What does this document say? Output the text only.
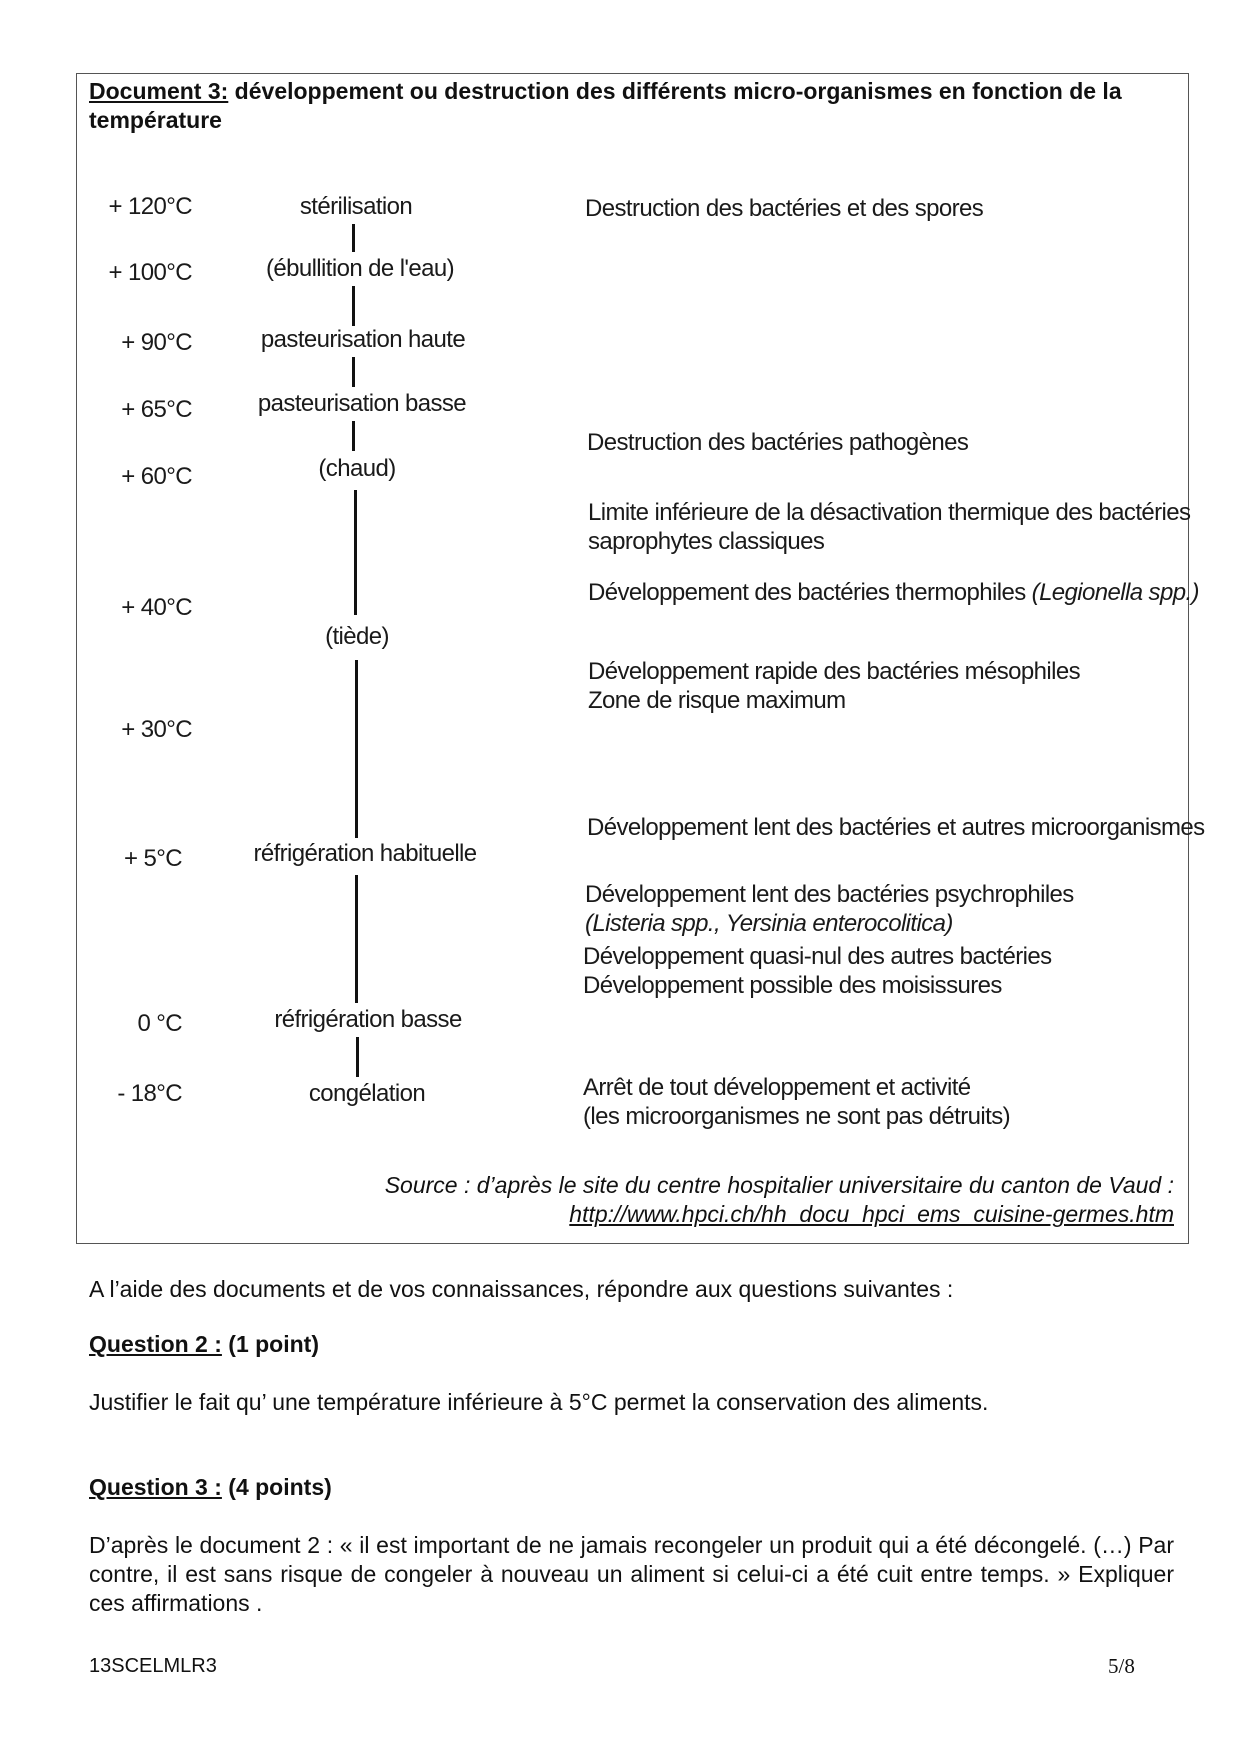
Document 3: développement ou destruction des différents micro-organismes en fonction de la température
+ 120°C
+ 100°C
+ 90°C
+ 65°C
+ 60°C
+ 40°C
+ 30°C
+ 5°C
0 °C
- 18°C
stérilisation
(ébullition de l'eau)
pasteurisation haute
pasteurisation basse
(chaud)
(tiède)
réfrigération habituelle
réfrigération basse
congélation
Destruction des bactéries et des spores
Destruction des bactéries pathogènes
Limite inférieure de la désactivation thermique des bactéries
saprophytes classiques
Développement des bactéries thermophiles (Legionella spp.)
Développement rapide des bactéries mésophiles
Zone de risque maximum
Développement lent des bactéries et autres microorganismes
Développement lent des bactéries psychrophiles
(Listeria spp., Yersinia enterocolitica)
Développement quasi-nul des autres bactéries
Développement possible des moisissures
Arrêt de tout développement et activité
(les microorganismes ne sont pas détruits)
Source : d’après le site du centre hospitalier universitaire du canton de Vaud :
http://www.hpci.ch/hh_docu_hpci_ems_cuisine-germes.htm
A l’aide des documents et de vos connaissances, répondre aux questions suivantes :
Question 2 : (1 point)
Justifier le fait qu’ une température inférieure à 5°C permet la conservation des aliments.
Question 3 : (4 points)
D’après le document 2 : « il est important de ne jamais recongeler un produit qui a été décongelé. (…) Par contre, il est sans risque de congeler à nouveau un aliment si celui-ci a été cuit entre temps. » Expliquer ces affirmations .
13SCELMLR3	5/8
